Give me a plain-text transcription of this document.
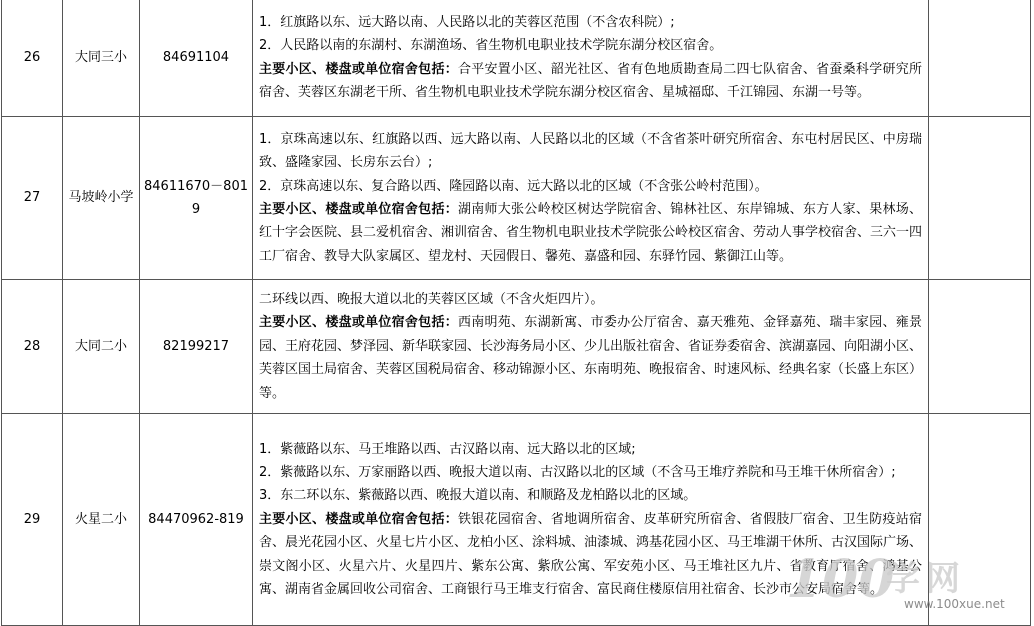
26	大同三小	84691104	1．红旗路以东、远大路以南、人民路以北的芙蓉区范围（不含农科院）;
2．人民路以南的东湖村、东湖渔场、省生物机电职业技术学院东湖分校区宿舍。
主要小区、楼盘或单位宿舍包括：合平安置小区、韶光社区、省有色地质勘查局二四七队宿舍、省蚕桑科学研究所宿舍、芙蓉区东湖老干所、省生物机电职业技术学院东湖分校区宿舍、星城福邸、千江锦园、东湖一号等。	

27	马坡岭小学	84611670－8019	1．京珠高速以东、红旗路以西、远大路以南、人民路以北的区域（不含省茶叶研究所宿舍、东屯村居民区、中房瑞致、盛隆家园、长房东云台）;
2．京珠高速以东、复合路以西、隆园路以南、远大路以北的区域（不含张公岭村范围）。
主要小区、楼盘或单位宿舍包括：湖南师大张公岭校区树达学院宿舍、锦林社区、东岸锦城、东方人家、果林场、红十字会医院、县二爱机宿舍、湘训宿舍、省生物机电职业技术学院张公岭校区宿舍、劳动人事学校宿舍、三六一四工厂宿舍、教导大队家属区、望龙村、天园假日、馨苑、嘉盛和园、东驿竹园、紫御江山等。	

28	大同二小	82199217	二环线以西、晚报大道以北的芙蓉区区域（不含火炬四片）。
主要小区、楼盘或单位宿舍包括：西南明苑、东湖新寓、市委办公厅宿舍、嘉天雅苑、金铎嘉苑、瑞丰家园、雍景园、王府花园、梦泽园、新华联家园、长沙海务局小区、少儿出版社宿舍、省证券委宿舍、滨湖嘉园、向阳湖小区、芙蓉区国土局宿舍、芙蓉区国税局宿舍、移动锦源小区、东南明苑、晚报宿舍、时速风标、经典名家（长盛上东区）等。	

29	火星二小	84470962-819	1．紫薇路以东、马王堆路以西、古汉路以南、远大路以北的区域;
2．紫薇路以东、万家丽路以西、晚报大道以南、古汉路以北的区域（不含马王堆疗养院和马王堆干休所宿舍）;
3．东二环以东、紫薇路以西、晚报大道以南、和顺路及龙柏路以北的区域。
主要小区、楼盘或单位宿舍包括：铁银花园宿舍、省地调所宿舍、皮革研究所宿舍、省假肢厂宿舍、卫生防疫站宿舍、晨光花园小区、火星七片小区、龙柏小区、涂料城、油漆城、鸿基花园小区、马王堆湖干休所、古汉国际广场、崇文阁小区、火星六片、火星四片、紫东公寓、紫欣公寓、军安苑小区、马王堆社区九片、省教育厅宿舍、鸿基公寓、湖南省金属回收公司宿舍、工商银行马王堆支行宿舍、富民商住楼原信用社宿舍、长沙市公安局宿舍等。	

100
学网
www.100xue.net
